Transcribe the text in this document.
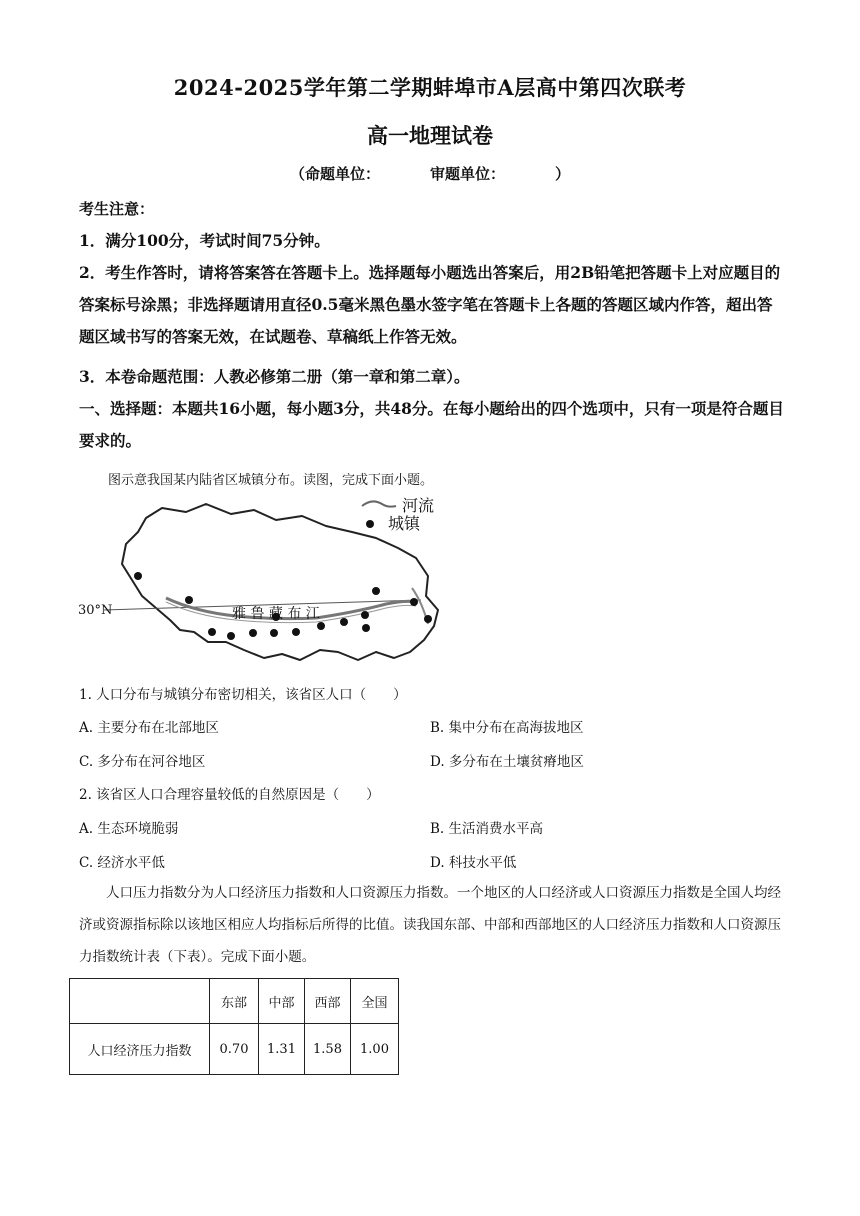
2024-2025学年第二学期蚌埠市A层高中第四次联考
高一地理试卷
（命题单位：	审题单位：	）
考生注意：
1．满分100分，考试时间75分钟。
2．考生作答时，请将答案答在答题卡上。选择题每小题选出答案后，用2B铅笔把答题卡上对应题目的答案标号涂黑；非选择题请用直径0.5毫米黑色墨水签字笔在答题卡上各题的答题区域内作答，超出答题区域书写的答案无效，在试题卷、草稿纸上作答无效。
3．本卷命题范围：人教必修第二册（第一章和第二章）。
一、选择题：本题共16小题，每小题3分，共48分。在每小题给出的四个选项中，只有一项是符合题目要求的。
图示意我国某内陆省区城镇分布。读图，完成下面小题。
河流
城镇
30°N	雅 鲁 藏 布 江
1. 人口分布与城镇分布密切相关，该省区人口（　　）
A. 主要分布在北部地区	B. 集中分布在高海拔地区
C. 多分布在河谷地区	D. 多分布在土壤贫瘠地区
2. 该省区人口合理容量较低的自然原因是（　　）
A. 生态环境脆弱	B. 生活消费水平高
C. 经济水平低	D. 科技水平低
人口压力指数分为人口经济压力指数和人口资源压力指数。一个地区的人口经济或人口资源压力指数是全国人均经济或资源指标除以该地区相应人均指标后所得的比值。读我国东部、中部和西部地区的人口经济压力指数和人口资源压力指数统计表（下表）。完成下面小题。
	东部	中部	西部	全国
人口经济压力指数	0.70	1.31	1.58	1.00
